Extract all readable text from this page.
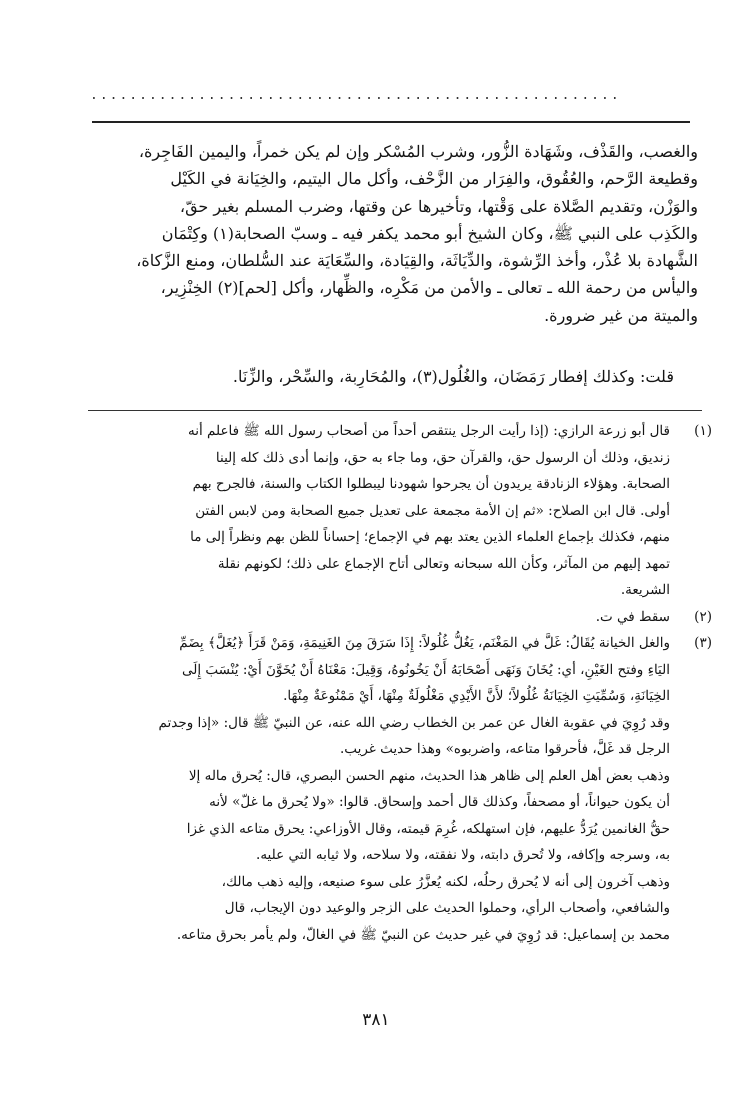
......................................................

والغصب، والقَذْف، وشَهَادة الزُّور، وشرب المُسْكر وإن لم يكن خمراً، واليمين الفَاجِرة،

وقطيعة الرَّحم، والعُقُوق، والفِرَار من الزَّحْف، وأكل مال اليتيم، والخِيَانة في الكَيْل

والوَزْن، وتقديم الصَّلاة على وَقْتها، وتأخيرها عن وقتها، وضرب المسلم بغير حقّ،

والكَذِب على النبي ﷺ، وكان الشيخ أبو محمد يكفر فيه ـ وسبّ الصحابة(١) وكِتْمَان

الشَّهادة بلا عُذْر، وأخذ الرِّشوة، والدِّيَاثَة، والقِيَادة، والسِّعَايَة عند السُّلطان، ومنع الزَّكاة،

واليأس من رحمة الله ـ تعالى ـ والأمن من مَكْرِه، والظِّهار، وأكل [لحم](٢) الخِنْزِير،

والميتة من غير ضرورة.

قلت: وكذلك إفطار رَمَضَان، والغُلُول(٣)، والمُحَارِبة، والسِّحْر، والزِّنَا.
(١)

قال أبو زرعة الرازي: (إذا رأيت الرجل ينتقص أحداً من أصحاب رسول الله ﷺ فاعلم أنه

زنديق، وذلك أن الرسول حق، والقرآن حق، وما جاء به حق، وإنما أدى ذلك كله إلينا

الصحابة. وهؤلاء الزنادقة يريدون أن يجرحوا شهودنا ليبطلوا الكتاب والسنة، فالجرح بهم

أولى. قال ابن الصلاح: «ثم إن الأمة مجمعة على تعديل جميع الصحابة ومن لابس الفتن

منهم، فكذلك بإجماع العلماء الذين يعتد بهم في الإجماع؛ إحساناً للظن بهم ونظراً إلى ما

تمهد إليهم من المآثر، وكأن الله سبحانه وتعالى أتاح الإجماع على ذلك؛ لكونهم نقلة

الشريعة.

(٢)

سقط في ت.

(٣)

والغل الخيانة يُقَالُ: غَلَّ في المَغْنَم، يَغُلُّ غُلُولاً: إِذَا سَرَقَ مِنَ الغَنِيمَةِ، وَمَنْ قَرَأَ ﴿يُغَلَّ﴾ بِضَمِّ

اليَاءِ وفتح الغَيْنِ، أي: يُخَانَ وَنَهَى أَصْحَابَهُ أَنْ يَخُونُوهُ، وَقِيلَ: مَعْنَاهُ أَنْ يُخَوَّنَ أَيْ: يُنْسَبَ إِلَى

الخِيَانَةِ، وَسُمِّيَتِ الخِيَانَةُ غُلُولاً؛ لأَنَّ الأَيْدِي مَغْلُولَةٌ مِنْهَا، أَيْ مَمْنُوعَةٌ مِنْهَا.

وقد رُوِيَ في عقوبة الغال عن عمر بن الخطاب رضي الله عنه، عن النبيّ ﷺ قال: «إذا وجدتم

الرجل قد غَلَّ، فأحرقوا متاعه، واضربوه» وهذا حديث غريب.

وذهب بعض أهل العلم إلى ظاهر هذا الحديث، منهم الحسن البصري، قال: يُحرق ماله إلا

أن يكون حيواناً، أو مصحفاً، وكذلك قال أحمد وإسحاق. قالوا: «ولا يُحرق ما غلّ» لأنه

حقُّ الغانمين يُرَدُّ عليهم، فإن استهلكه، غُرِمَ قيمته، وقال الأوزاعي: يحرق متاعه الذي غزا

به، وسرجه وإكافه، ولا تُحرق دابته، ولا نفقته، ولا سلاحه، ولا ثيابه التي عليه.

وذهب آخرون إلى أنه لا يُحرق رحلُه، لكنه يُعزَّرُ على سوء صنيعه، وإليه ذهب مالك،

والشافعي، وأصحاب الرأي، وحملوا الحديث على الزجر والوعيد دون الإيجاب، قال

محمد بن إسماعيل: قد رُوِيَ في غير حديث عن النبيّ ﷺ في الغالّ، ولم يأمر بحرق متاعه.

٣٨١
